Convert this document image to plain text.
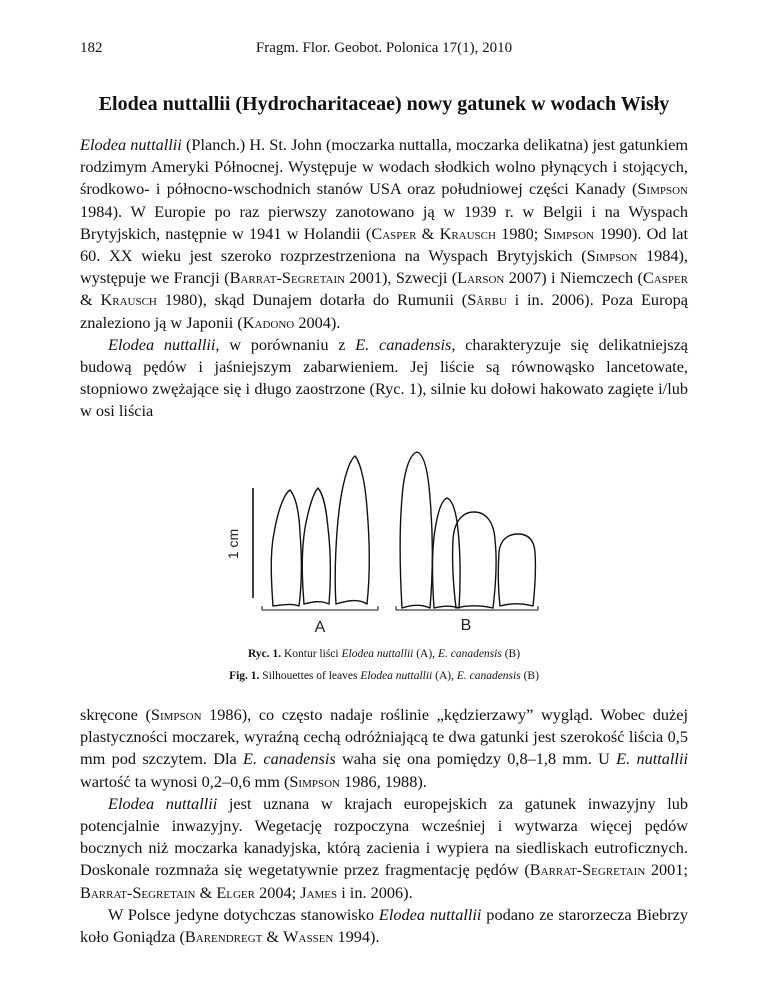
182	Fragm. Flor. Geobot. Polonica 17(1), 2010
Elodea nuttallii (Hydrocharitaceae) nowy gatunek w wodach Wisły

Elodea nuttallii (Planch.) H. St. John (moczarka nuttalla, moczarka delikatna) jest gatunkiem rodzimym Ameryki Północnej. Występuje w wodach słodkich wolno płynących i stojących, środkowo- i północno-wschodnich stanów USA oraz południowej części Kanady (Simpson 1984). W Europie po raz pierwszy zanotowano ją w 1939 r. w Belgii i na Wyspach Brytyjskich, następnie w 1941 w Holandii (Casper & Krausch 1980; Simpson 1990). Od lat 60. XX wieku jest szeroko rozprzestrzeniona na Wyspach Brytyjskich (Simpson 1984), występuje we Francji (Barrat-Segretain 2001), Szwecji (Larson 2007) i Niemczech (Casper & Krausch 1980), skąd Dunajem dotarła do Rumunii (Sârbu i in. 2006). Poza Europą znaleziono ją w Japonii (Kadono 2004).

Elodea nuttallii, w porównaniu z E. canadensis, charakteryzuje się delikatniejszą budową pędów i jaśniejszym zabarwieniem. Jej liście są równowąsko lancetowate, stopniowo zwężające się i długo zaostrzone (Ryc. 1), silnie ku dołowi hakowato zagięte i/lub w osi liścia

1 cm
A	B
Ryc. 1. Kontur liści Elodea nuttallii (A), E. canadensis (B)
Fig. 1. Silhouettes of leaves Elodea nuttallii (A), E. canadensis (B)

skręcone (Simpson 1986), co często nadaje roślinie „kędzierzawy” wygląd. Wobec dużej plastyczności moczarek, wyraźną cechą odróżniającą te dwa gatunki jest szerokość liścia 0,5 mm pod szczytem. Dla E. canadensis waha się ona pomiędzy 0,8–1,8 mm. U E. nuttallii wartość ta wynosi 0,2–0,6 mm (Simpson 1986, 1988).

Elodea nuttallii jest uznana w krajach europejskich za gatunek inwazyjny lub potencjalnie inwazyjny. Wegetację rozpoczyna wcześniej i wytwarza więcej pędów bocznych niż moczarka kanadyjska, którą zacienia i wypiera na siedliskach eutroficznych. Doskonale rozmnaża się wegetatywnie przez fragmentację pędów (Barrat-Segretain 2001; Barrat-Segretain & Elger 2004; James i in. 2006).

W Polsce jedyne dotychczas stanowisko Elodea nuttallii podano ze starorzecza Biebrzy koło Goniądza (Barendregt & Wassen 1994).
